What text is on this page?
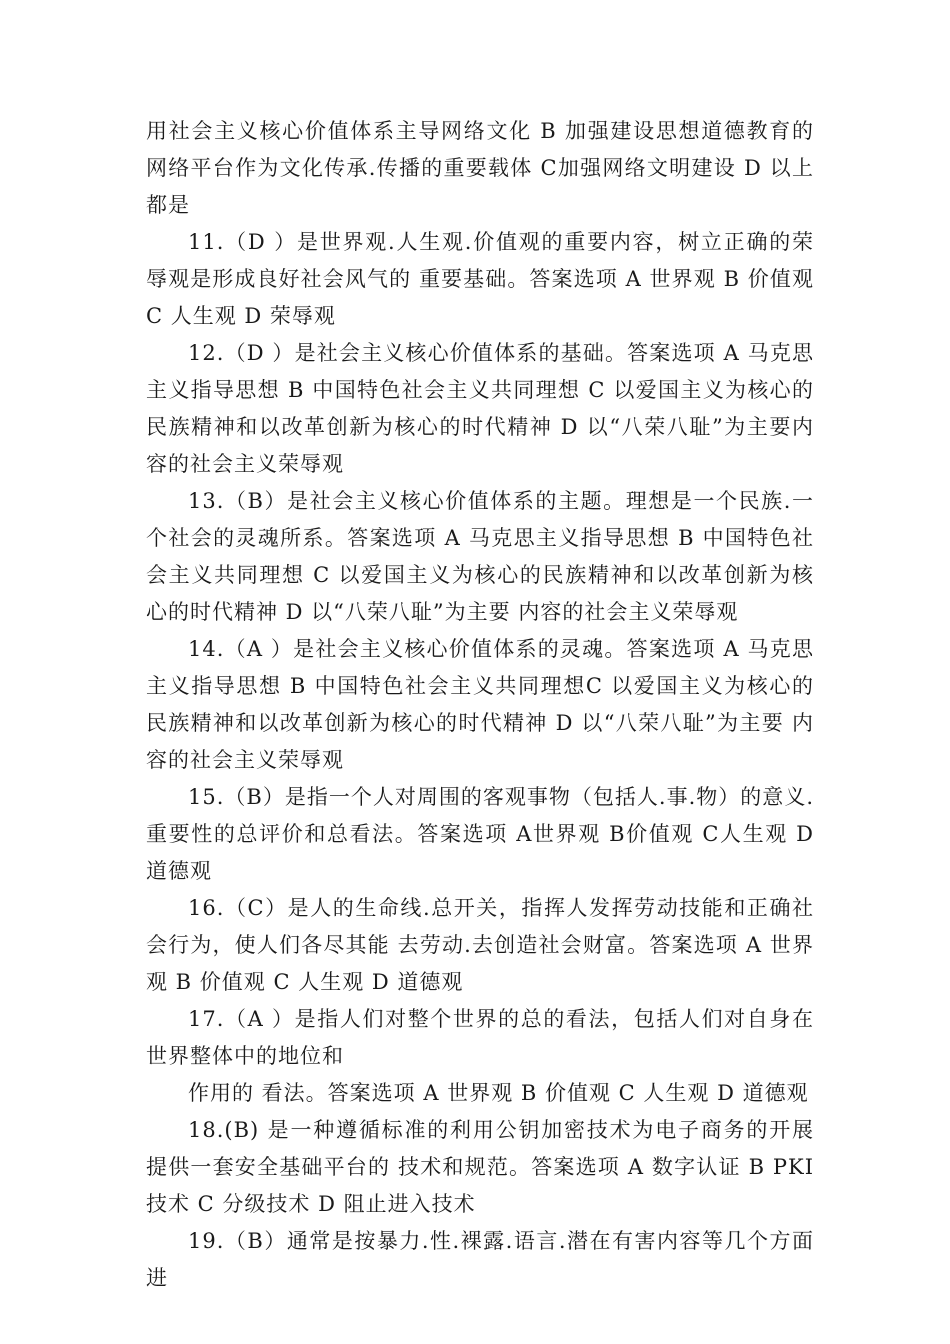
用社会主义核心价值体系主导网络文化 B 加强建设思想道德教育的网络平台作为文化传承.传播的重要载体 C加强网络文明建设 D 以上都是

11.（D ）是世界观.人生观.价值观的重要内容，树立正确的荣辱观是形成良好社会风气的 重要基础。答案选项 A 世界观 B 价值观 C 人生观 D 荣辱观

12.（D ）是社会主义核心价值体系的基础。答案选项 A 马克思主义指导思想 B 中国特色社会主义共同理想 C 以爱国主义为核心的民族精神和以改革创新为核心的时代精神 D 以“八荣八耻”为主要内容的社会主义荣辱观

13.（B）是社会主义核心价值体系的主题。理想是一个民族.一个社会的灵魂所系。答案选项 A 马克思主义指导思想 B 中国特色社会主义共同理想 C 以爱国主义为核心的民族精神和以改革创新为核心的时代精神 D 以“八荣八耻”为主要 内容的社会主义荣辱观

14.（A ）是社会主义核心价值体系的灵魂。答案选项 A 马克思主义指导思想 B 中国特色社会主义共同理想C 以爱国主义为核心的民族精神和以改革创新为核心的时代精神 D 以“八荣八耻”为主要 内容的社会主义荣辱观

15.（B）是指一个人对周围的客观事物（包括人.事.物）的意义.重要性的总评价和总看法。答案选项 A世界观 B价值观 C人生观 D道德观

16.（C）是人的生命线.总开关，指挥人发挥劳动技能和正确社会行为，使人们各尽其能 去劳动.去创造社会财富。答案选项 A 世界观 B 价值观 C 人生观 D 道德观

17.（A ）是指人们对整个世界的总的看法，包括人们对自身在世界整体中的地位和

作用的 看法。答案选项 A 世界观 B 价值观 C 人生观 D 道德观

18.(B) 是一种遵循标准的利用公钥加密技术为电子商务的开展提供一套安全基础平台的 技术和规范。答案选项 A 数字认证 B PKI技术 C 分级技术 D 阻止进入技术

19.（B）通常是按暴力.性.裸露.语言.潜在有害内容等几个方面进
